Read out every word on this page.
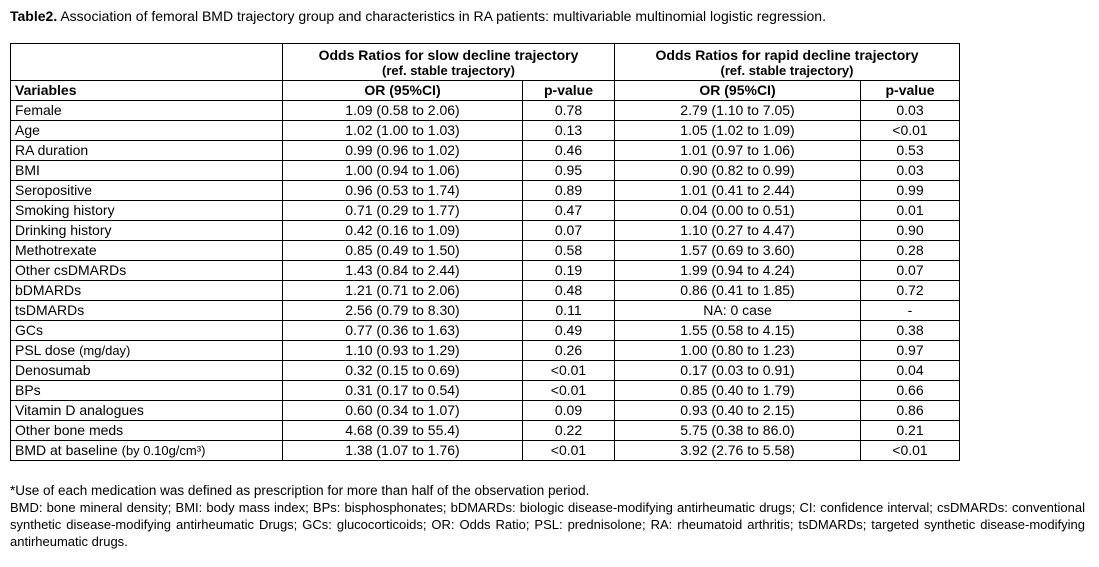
Table2. Association of femoral BMD trajectory group and characteristics in RA patients: multivariable multinomial logistic regression.
	Odds Ratios for slow decline trajectory
(ref. stable trajectory)		Odds Ratios for rapid decline trajectory
(ref. stable trajectory)	

Variables	OR (95%CI)	p-value	OR (95%CI)	p-value
Female	1.09 (0.58 to 2.06)	0.78	2.79 (1.10 to 7.05)	0.03
Age	1.02 (1.00 to 1.03)	0.13	1.05 (1.02 to 1.09)	<0.01
RA duration	0.99 (0.96 to 1.02)	0.46	1.01 (0.97 to 1.06)	0.53
BMI	1.00 (0.94 to 1.06)	0.95	0.90 (0.82 to 0.99)	0.03
Seropositive	0.96 (0.53 to 1.74)	0.89	1.01 (0.41 to 2.44)	0.99
Smoking history	0.71 (0.29 to 1.77)	0.47	0.04 (0.00 to 0.51)	0.01
Drinking history	0.42 (0.16 to 1.09)	0.07	1.10 (0.27 to 4.47)	0.90
Methotrexate	0.85 (0.49 to 1.50)	0.58	1.57 (0.69 to 3.60)	0.28
Other csDMARDs	1.43 (0.84 to 2.44)	0.19	1.99 (0.94 to 4.24)	0.07
bDMARDs	1.21 (0.71 to 2.06)	0.48	0.86 (0.41 to 1.85)	0.72
tsDMARDs	2.56 (0.79 to 8.30)	0.11	NA: 0 case	-
GCs	0.77 (0.36 to 1.63)	0.49	1.55 (0.58 to 4.15)	0.38
PSL dose (mg/day)	1.10 (0.93 to 1.29)	0.26	1.00 (0.80 to 1.23)	0.97
Denosumab	0.32 (0.15 to 0.69)	<0.01	0.17 (0.03 to 0.91)	0.04
BPs	0.31 (0.17 to 0.54)	<0.01	0.85 (0.40 to 1.79)	0.66
Vitamin D analogues	0.60 (0.34 to 1.07)	0.09	0.93 (0.40 to 2.15)	0.86
Other bone meds	4.68 (0.39 to 55.4)	0.22	5.75 (0.38 to 86.0)	0.21
BMD at baseline (by 0.10g/cm³)	1.38 (1.07 to 1.76)	<0.01	3.92 (2.76 to 5.58)	<0.01
*Use of each medication was defined as prescription for more than half of the observation period.
BMD: bone mineral density; BMI: body mass index; BPs: bisphosphonates; bDMARDs: biologic disease-modifying antirheumatic drugs; CI: confidence interval; csDMARDs: conventional synthetic disease-modifying antirheumatic Drugs; GCs: glucocorticoids; OR: Odds Ratio; PSL: prednisolone; RA: rheumatoid arthritis; tsDMARDs; targeted synthetic disease-modifying antirheumatic drugs.
